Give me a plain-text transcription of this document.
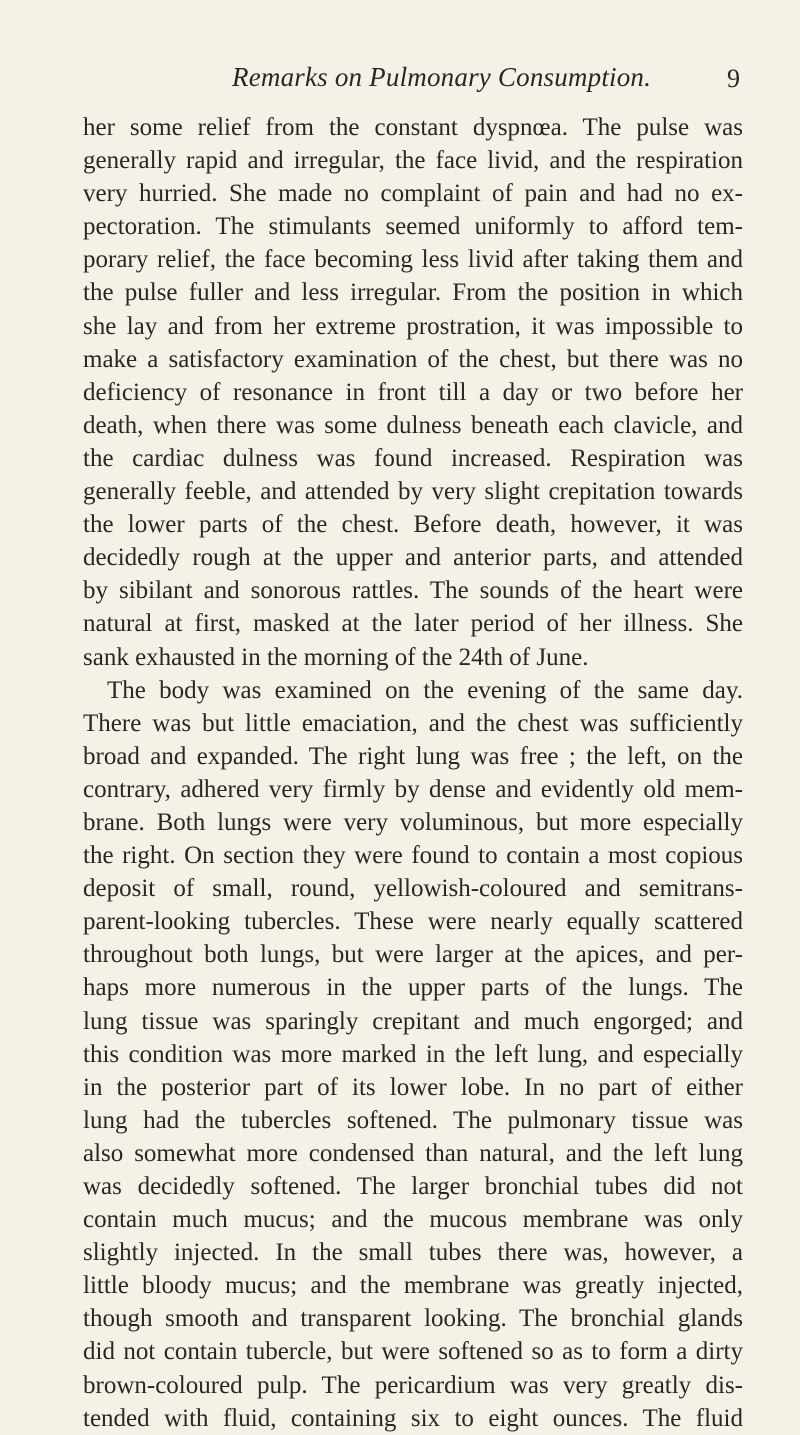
Remarks on Pulmonary Consumption.	9
her some relief from the constant dyspnœa. The pulse was
generally rapid and irregular, the face livid, and the respiration
very hurried. She made no complaint of pain and had no ex-
pectoration. The stimulants seemed uniformly to afford tem-
porary relief, the face becoming less livid after taking them and
the pulse fuller and less irregular. From the position in which
she lay and from her extreme prostration, it was impossible to
make a satisfactory examination of the chest, but there was no
deficiency of resonance in front till a day or two before her
death, when there was some dulness beneath each clavicle, and
the cardiac dulness was found increased. Respiration was
generally feeble, and attended by very slight crepitation towards
the lower parts of the chest. Before death, however, it was
decidedly rough at the upper and anterior parts, and attended
by sibilant and sonorous rattles. The sounds of the heart were
natural at first, masked at the later period of her illness. She
sank exhausted in the morning of the 24th of June.
The body was examined on the evening of the same day.
There was but little emaciation, and the chest was sufficiently
broad and expanded. The right lung was free ; the left, on the
contrary, adhered very firmly by dense and evidently old mem-
brane. Both lungs were very voluminous, but more especially
the right. On section they were found to contain a most copious
deposit of small, round, yellowish-coloured and semitrans-
parent-looking tubercles. These were nearly equally scattered
throughout both lungs, but were larger at the apices, and per-
haps more numerous in the upper parts of the lungs. The
lung tissue was sparingly crepitant and much engorged; and
this condition was more marked in the left lung, and especially
in the posterior part of its lower lobe. In no part of either
lung had the tubercles softened. The pulmonary tissue was
also somewhat more condensed than natural, and the left lung
was decidedly softened. The larger bronchial tubes did not
contain much mucus; and the mucous membrane was only
slightly injected. In the small tubes there was, however, a
little bloody mucus; and the membrane was greatly injected,
though smooth and transparent looking. The bronchial glands
did not contain tubercle, but were softened so as to form a dirty
brown-coloured pulp. The pericardium was very greatly dis-
tended with fluid, containing six to eight ounces. The fluid
